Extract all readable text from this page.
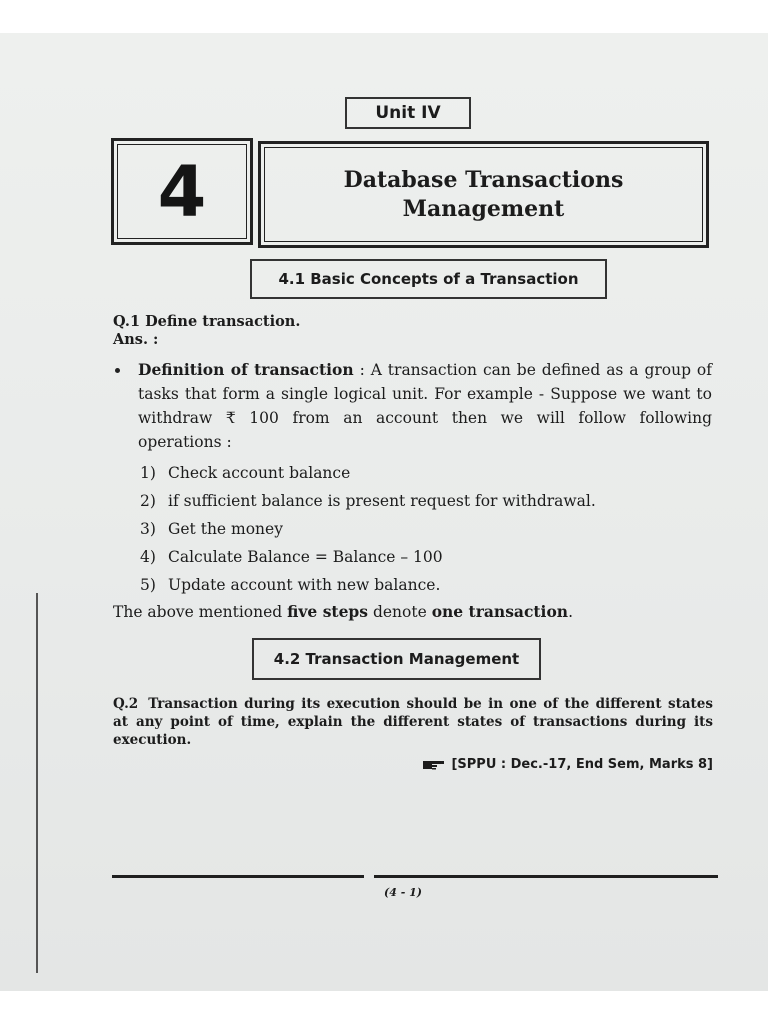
Unit IV
4	Database Transactions
Management
4.1 Basic Concepts of a Transaction
Q.1 Define transaction.
Ans. :
Definition of transaction : A transaction can be defined as a group of tasks that form a single logical unit. For example - Suppose we want to withdraw ₹ 100 from an account then we will follow following operations :
1) Check account balance
2) if sufficient balance is present request for withdrawal.
3) Get the money
4) Calculate Balance = Balance – 100
5) Update account with new balance.
The above mentioned five steps denote one transaction.
4.2 Transaction Management
Q.2 Transaction during its execution should be in one of the different states at any point of time, explain the different states of transactions during its execution.
[SPPU : Dec.-17, End Sem, Marks 8]
(4 - 1)
